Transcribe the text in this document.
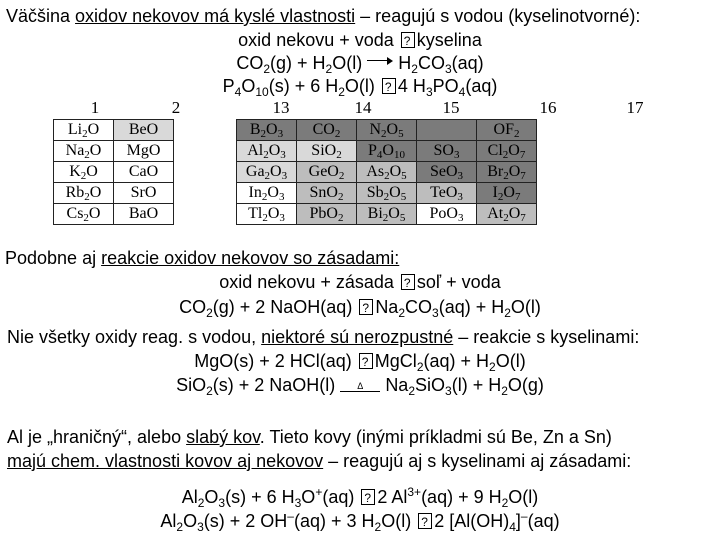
Väčšina oxidov nekovov má kyslé vlastnosti – reagujú s vodou (kyselinotvorné):
oxid nekovu + voda ?kyselina
$CO_2(g) + H_2O(l)$ $H_2CO_3(aq)$
$P_4O_{10}(s) + 6$ $H_2O(l)$ ?4 $H_3PO_4(aq)$
1	2	13	14	15	16	17
$Li_2O$	BeO
$Na_2O$	MgO
$K_2O$	CaO
$Rb_2O$	SrO
$Cs_2O$	BaO
$B_2O_3$	$CO_2$	$N_2O_5$		$OF_2$
$Al_2O_3$	SiO$_2$	$P_4O_{10}$	$SO_3$	$Cl_2O_7$
$Ga_2O_3$	GeO$_2$	$As_2O_5$	SeO$_3$	$Br_2O_7$
$In_2O_3$	SnO$_2$	$Sb_2O_5$	TeO$_3$	$I_2O_7$
$Tl_2O_3$	PbO$_2$	$Bi_2O_5$	PoO$_3$	$At_2O_7$
Podobne aj reakcie oxidov nekovov so zásadami:
oxid nekovu + zásada ?soľ + voda
$CO_2(g) + 2$ NaOH(aq) $?Na_2CO_3(aq) + H_2O(l)$
Nie všetky oxidy reag. s vodou, niektoré sú nerozpustné – reakcie s kyselinami:
MgO(s) + 2 HCl(aq) ?MgCl$_2$(aq) + $H_2O(l)$
SiO$_2$(s) + 2 NaOH(l) Δ $Na_2SiO_3(l) + H_2O(g)$
Al je „hraničný“, alebo slabý kov. Tieto kovy (inými príkladmi sú Be, Zn a Sn)
majú chem. vlastnosti kovov aj nekovov – reagujú aj s kyselinami aj zásadami:
$Al_2O_3(s) + 6$ $H_3O^+(aq)$ ?2 $Al^{3+}(aq) + 9$ $H_2O(l)$
$Al_2O_3(s) + 2$ OH–(aq) + 3 $H_2O(l)$ ?2 $[Al(OH)_4]^-(aq)$
